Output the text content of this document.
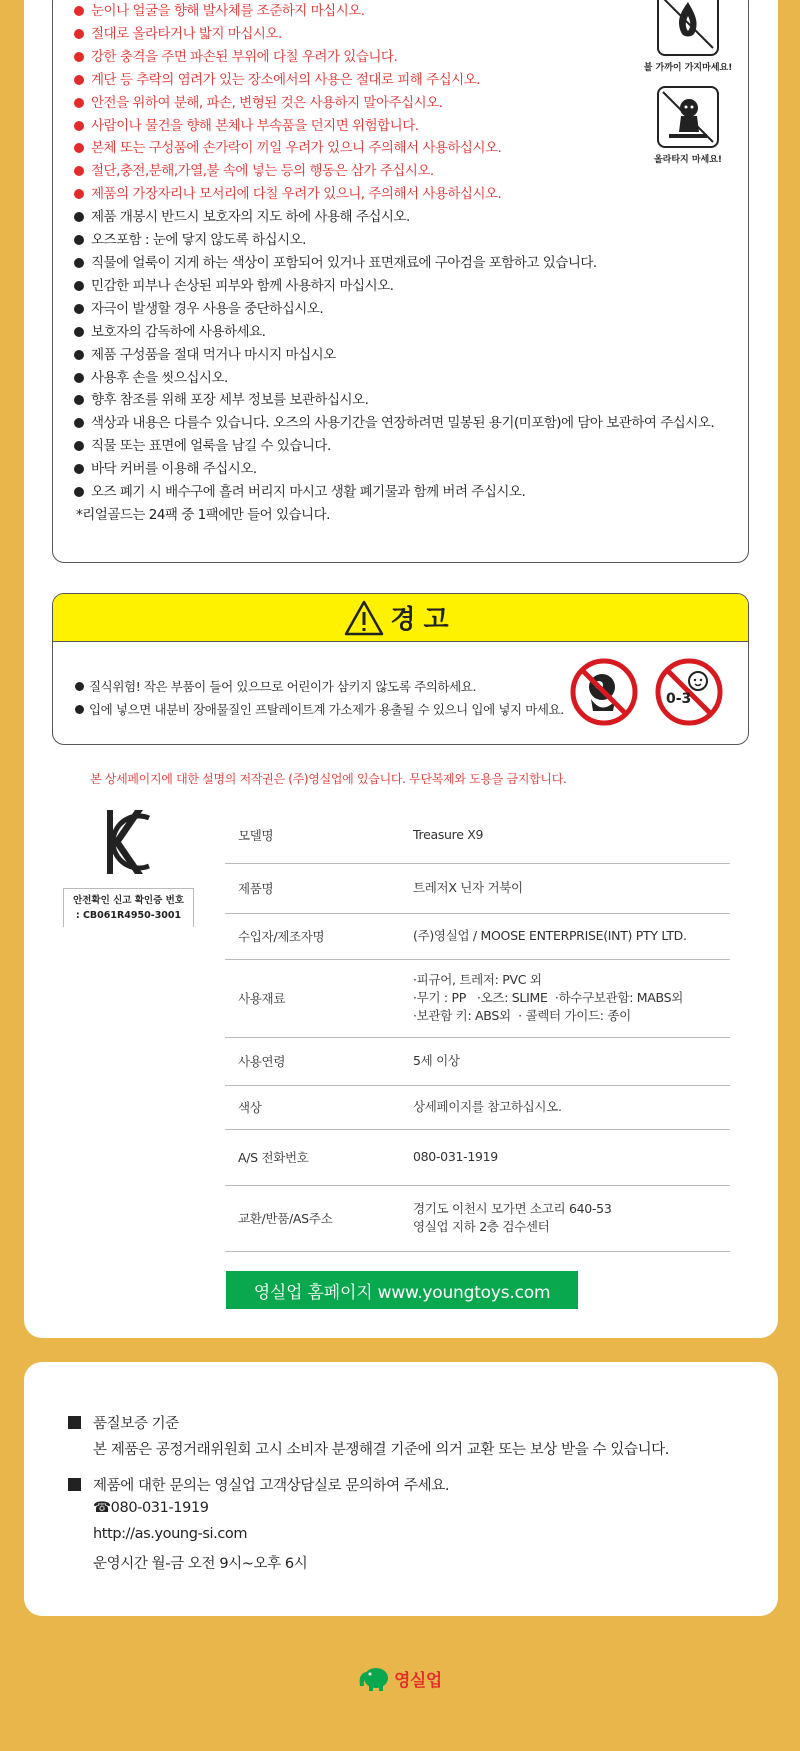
눈이나 얼굴을 향해 발사체를 조준하지 마십시오.
절대로 올라타거나 밟지 마십시오.
강한 충격을 주면 파손된 부위에 다칠 우려가 있습니다.
계단 등 추락의 염려가 있는 장소에서의 사용은 절대로 피해 주십시오.
안전을 위하여 분해, 파손, 변형된 것은 사용하지 말아주십시오.
사람이나 물건을 향해 본체나 부속품을 던지면 위험합니다.
본체 또는 구성품에 손가락이 끼일 우려가 있으니 주의해서 사용하십시오.
절단,충전,분해,가열,불 속에 넣는 등의 행동은 삼가 주십시오.
제품의 가장자리나 모서리에 다칠 우려가 있으니, 주의해서 사용하십시오.
제품 개봉시 반드시 보호자의 지도 하에 사용해 주십시오.
오즈포함 : 눈에 닿지 않도록 하십시오.
직물에 얼룩이 지게 하는 색상이 포함되어 있거나 표면재료에 구아검을 포함하고 있습니다.
민감한 피부나 손상된 피부와 함께 사용하지 마십시오.
자극이 발생할 경우 사용을 중단하십시오.
보호자의 감독하에 사용하세요.
제품 구성품을 절대 먹거나 마시지 마십시오
사용후 손을 씻으십시오.
향후 참조를 위해 포장 세부 정보를 보관하십시오.
색상과 내용은 다를수 있습니다. 오즈의 사용기간을 연장하려면 밀봉된 용기(미포함)에 담아 보관하여 주십시오.
직물 또는 표면에 얼룩을 남길 수 있습니다.
바닥 커버를 이용해 주십시오.
오즈 폐기 시 배수구에 흘려 버리지 마시고 생활 폐기물과 함께 버려 주십시오.
*리얼골드는 24팩 중 1팩에만 들어 있습니다.
불 가까이 가지마세요!
올라타지 마세요!
경고
질식위험! 작은 부품이 들어 있으므로 어린이가 삼키지 않도록 주의하세요.
입에 넣으면 내분비 장애물질인 프탈레이트계 가소제가 용출될 수 있으니 입에 넣지 마세요.
0-3
본 상세페이지에 대한 설명의 저작권은 (주)영실업에 있습니다. 무단복제와 도용을 금지합니다.
안전확인 신고 확인증 번호
: CB061R4950-3001
모델명	Treasure X9

제품명	트레저X 닌자 거북이

수입자/제조자명	(주)영실업 / MOOSE ENTERPRISE(INT) PTY LTD.

사용재료	·피규어, 트레저: PVC 외
·무기 : PP   ·오즈: SLIME  ·하수구보관함: MABS외
·보관함 키: ABS외  · 콜렉터 가이드: 종이

사용연령	5세 이상

색상	상세페이지를 참고하십시오.

A/S 전화번호	080-031-1919

교환/반품/AS주소	경기도 이천시 모가면 소고리 640-53
영실업 지하 2층 검수센터
영실업 홈페이지 www.youngtoys.com
품질보증 기준
본 제품은 공정거래위원회 고시 소비자 분쟁해결 기준에 의거 교환 또는 보상 받을 수 있습니다.
제품에 대한 문의는 영실업 고객상담실로 문의하여 주세요.
☎080-031-1919
http://as.young-si.com
운영시간 월-금 오전 9시~오후 6시
영실업
